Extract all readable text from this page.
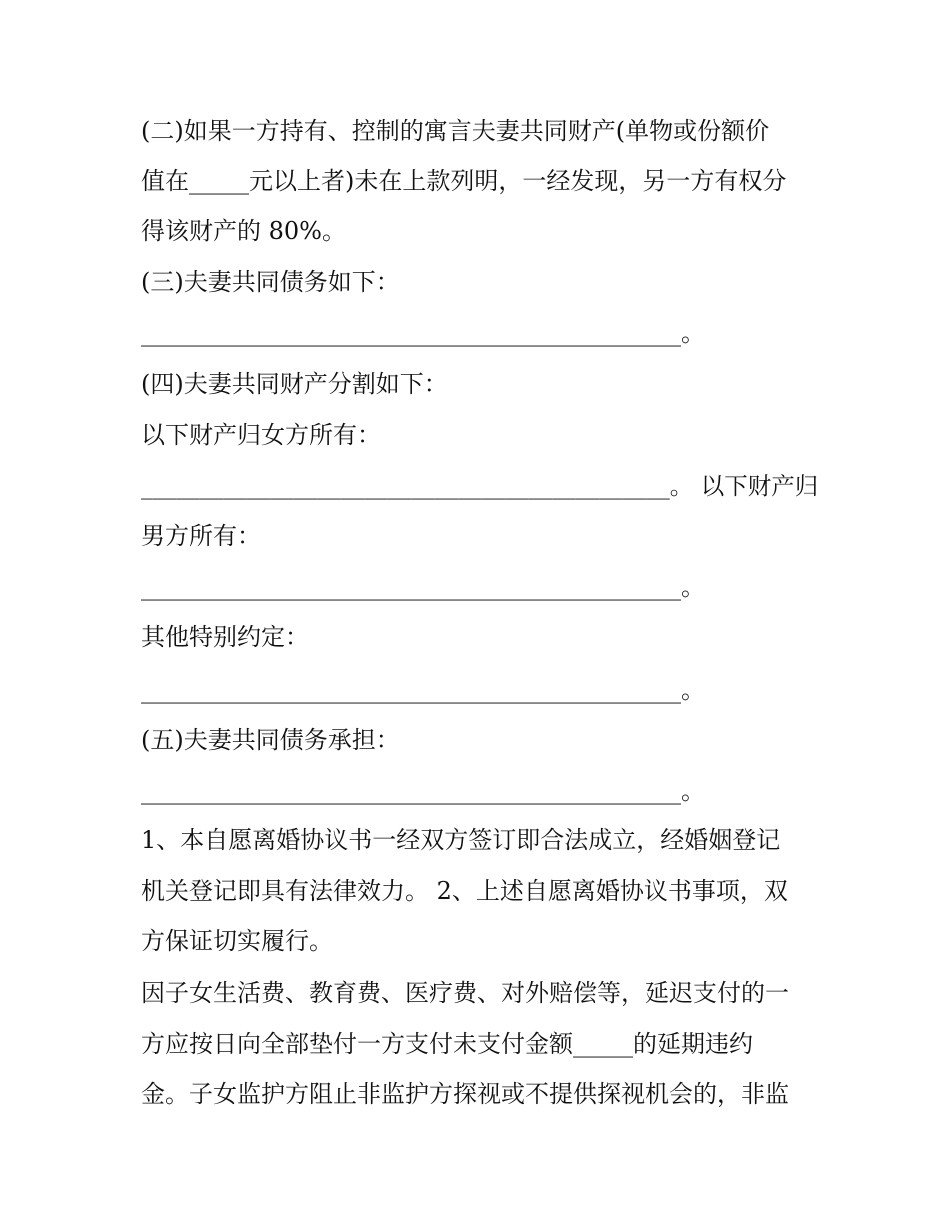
(二)如果一方持有、控制的寓言夫妻共同财产(单物或份额价
值在_____元以上者)未在上款列明，一经发现，另一方有权分
得该财产的 80%。
(三)夫妻共同债务如下：
_____________________________________________。
(四)夫妻共同财产分割如下：
以下财产归女方所有：
_____________________________________________。 以下财产归
男方所有：
_____________________________________________。
其他特别约定：
_____________________________________________。
(五)夫妻共同债务承担：
_____________________________________________。
1、本自愿离婚协议书一经双方签订即合法成立，经婚姻登记
机关登记即具有法律效力。 2、上述自愿离婚协议书事项，双
方保证切实履行。
因子女生活费、教育费、医疗费、对外赔偿等，延迟支付的一
方应按日向全部垫付一方支付未支付金额_____的延期违约
金。子女监护方阻止非监护方探视或不提供探视机会的，非监
